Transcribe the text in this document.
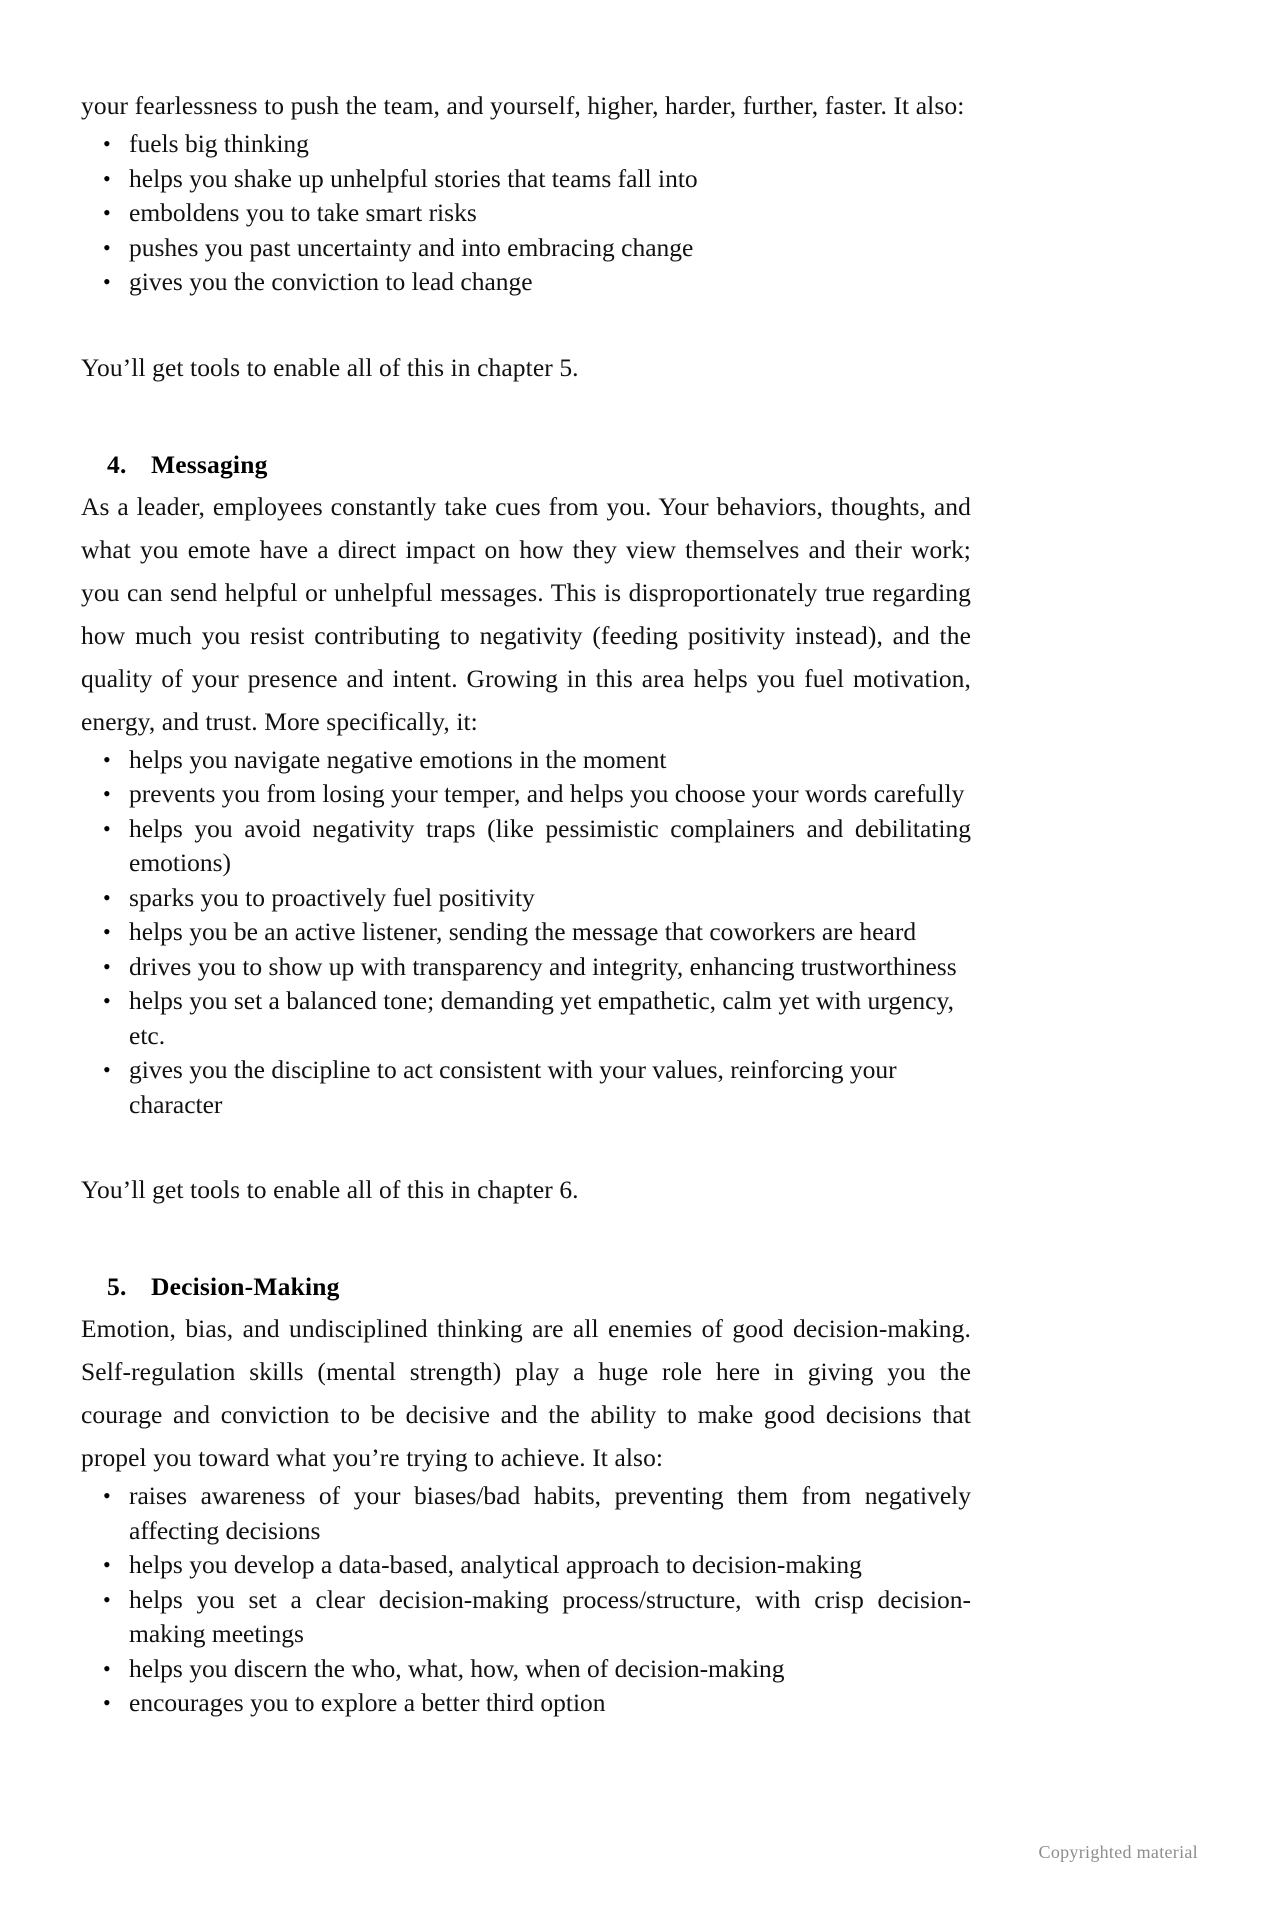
your fearlessness to push the team, and yourself, higher, harder, further, faster. It also:

• fuels big thinking
• helps you shake up unhelpful stories that teams fall into
• emboldens you to take smart risks
• pushes you past uncertainty and into embracing change
• gives you the conviction to lead change

You’ll get tools to enable all of this in chapter 5.

4. Messaging

As a leader, employees constantly take cues from you. Your behaviors, thoughts, and what you emote have a direct impact on how they view themselves and their work; you can send helpful or unhelpful messages. This is disproportionately true regarding how much you resist contributing to negativity (feeding positivity instead), and the quality of your presence and intent. Growing in this area helps you fuel motivation, energy, and trust. More specifically, it:

• helps you navigate negative emotions in the moment
• prevents you from losing your temper, and helps you choose your words carefully
• helps you avoid negativity traps (like pessimistic complainers and debilitating emotions)
• sparks you to proactively fuel positivity
• helps you be an active listener, sending the message that coworkers are heard
• drives you to show up with transparency and integrity, enhancing trustworthiness
• helps you set a balanced tone; demanding yet empathetic, calm yet with urgency, etc.
• gives you the discipline to act consistent with your values, reinforcing your character

You’ll get tools to enable all of this in chapter 6.

5. Decision-Making

Emotion, bias, and undisciplined thinking are all enemies of good decision-making. Self-regulation skills (mental strength) play a huge role here in giving you the courage and conviction to be decisive and the ability to make good decisions that propel you toward what you’re trying to achieve. It also:

• raises awareness of your biases/bad habits, preventing them from negatively affecting decisions
• helps you develop a data-based, analytical approach to decision-making
• helps you set a clear decision-making process/structure, with crisp decision-making meetings
• helps you discern the who, what, how, when of decision-making
• encourages you to explore a better third option
Copyrighted material
